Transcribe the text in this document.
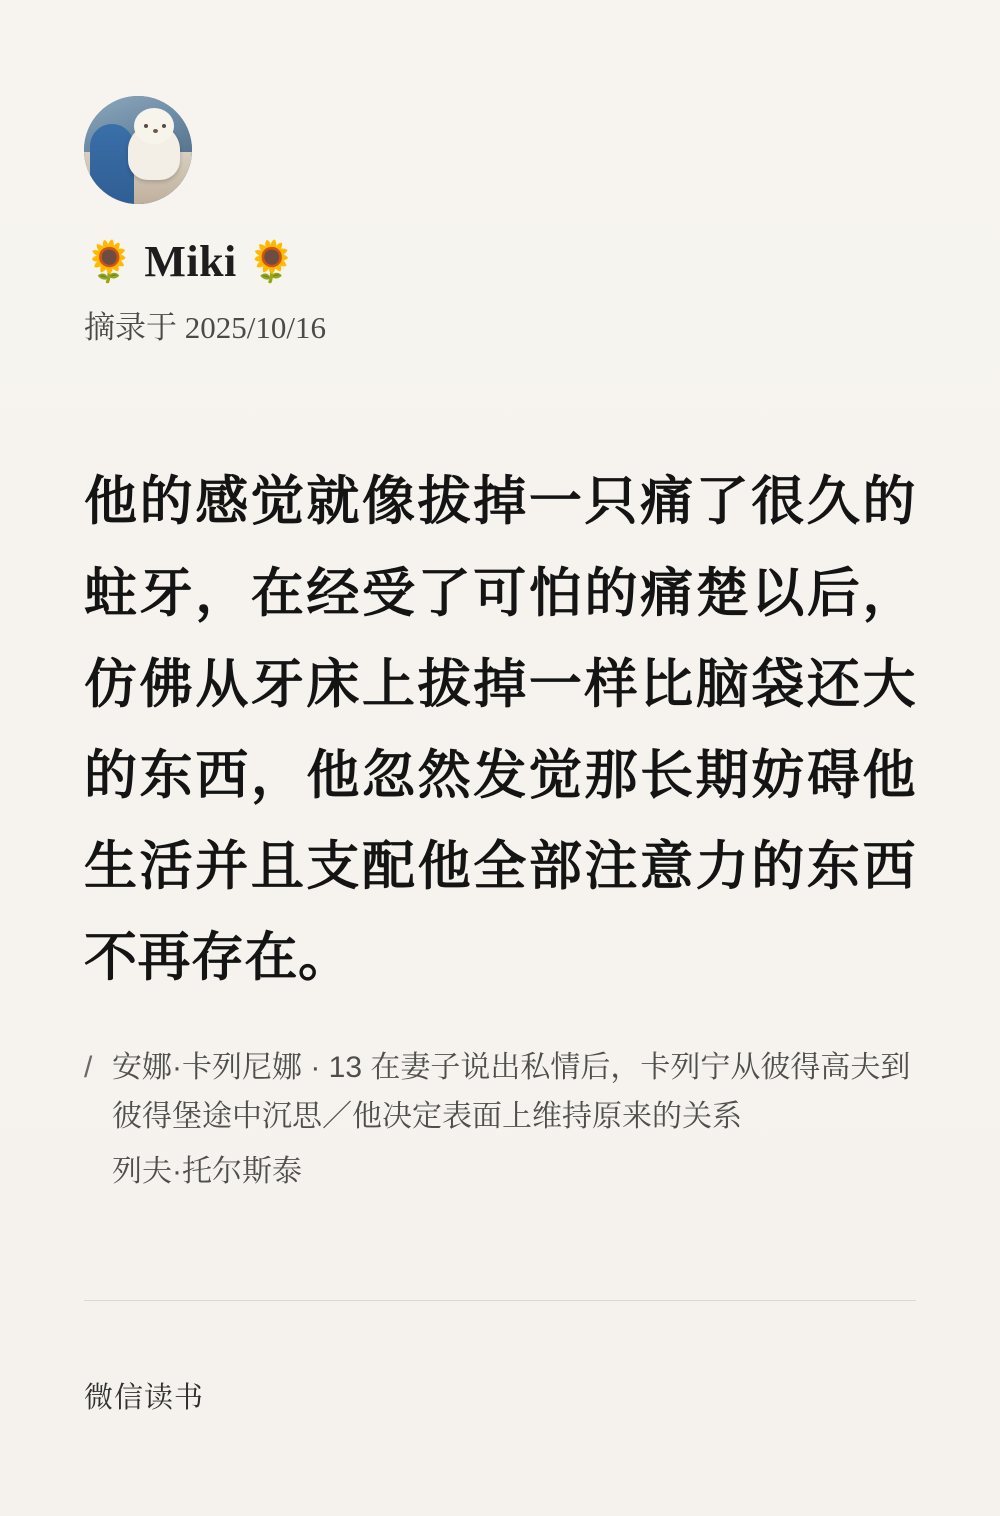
🌻 Miki 🌻
摘录于 2025/10/16
他的感觉就像拔掉一只痛了很久的蛀牙，在经受了可怕的痛楚以后，仿佛从牙床上拔掉一样比脑袋还大的东西，他忽然发觉那长期妨碍他生活并且支配他全部注意力的东西不再存在。
/ 安娜·卡列尼娜 · 13 在妻子说出私情后，卡列宁从彼得高夫到彼得堡途中沉思／他决定表面上维持原来的关系
列夫·托尔斯泰
微信读书
